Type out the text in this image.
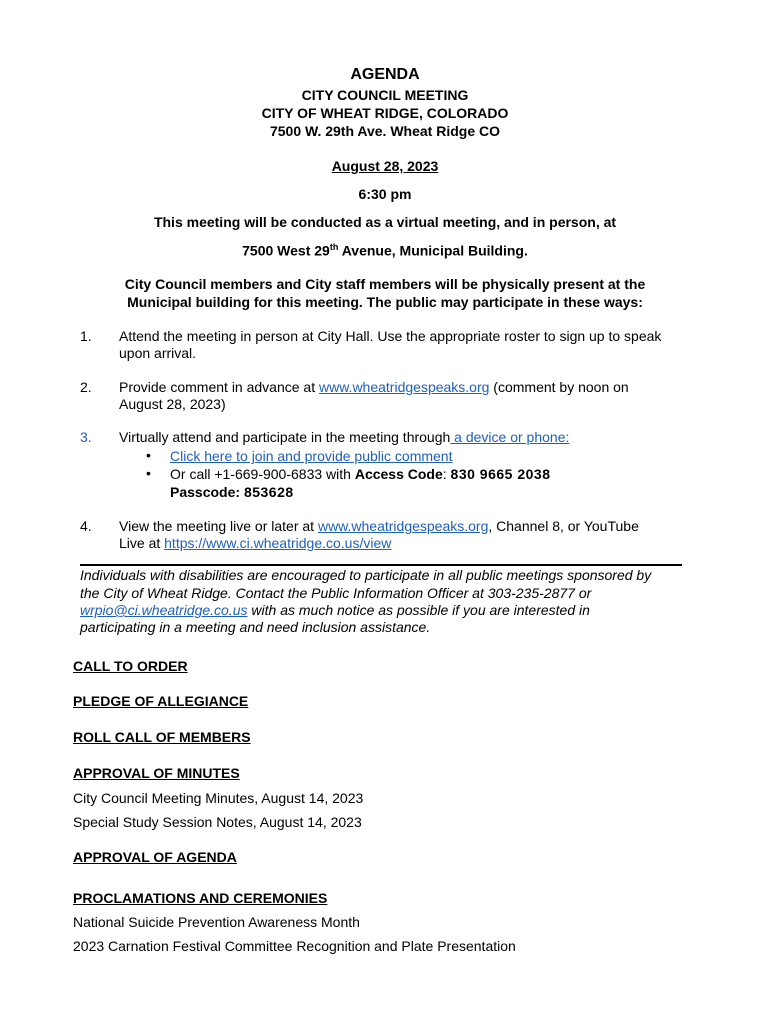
AGENDA
CITY COUNCIL MEETING
CITY OF WHEAT RIDGE, COLORADO
7500 W. 29th Ave. Wheat Ridge CO
August 28, 2023
6:30 pm
This meeting will be conducted as a virtual meeting, and in person, at
7500 West 29th Avenue, Municipal Building.
City Council members and City staff members will be physically present at the
Municipal building for this meeting. The public may participate in these ways:
1. Attend the meeting in person at City Hall. Use the appropriate roster to sign up to speak
upon arrival.
2. Provide comment in advance at www.wheatridgespeaks.org (comment by noon on
August 28, 2023)
3. Virtually attend and participate in the meeting through a device or phone:
• Click here to join and provide public comment
• Or call +1-669-900-6833 with Access Code: 830 9665 2038
Passcode: 853628
4. View the meeting live or later at www.wheatridgespeaks.org, Channel 8, or YouTube
Live at https://www.ci.wheatridge.co.us/view
Individuals with disabilities are encouraged to participate in all public meetings sponsored by
the City of Wheat Ridge. Contact the Public Information Officer at 303-235-2877 or
wrpio@ci.wheatridge.co.us with as much notice as possible if you are interested in
participating in a meeting and need inclusion assistance.
CALL TO ORDER
PLEDGE OF ALLEGIANCE
ROLL CALL OF MEMBERS
APPROVAL OF MINUTES
City Council Meeting Minutes, August 14, 2023
Special Study Session Notes, August 14, 2023
APPROVAL OF AGENDA
PROCLAMATIONS AND CEREMONIES
National Suicide Prevention Awareness Month
2023 Carnation Festival Committee Recognition and Plate Presentation
